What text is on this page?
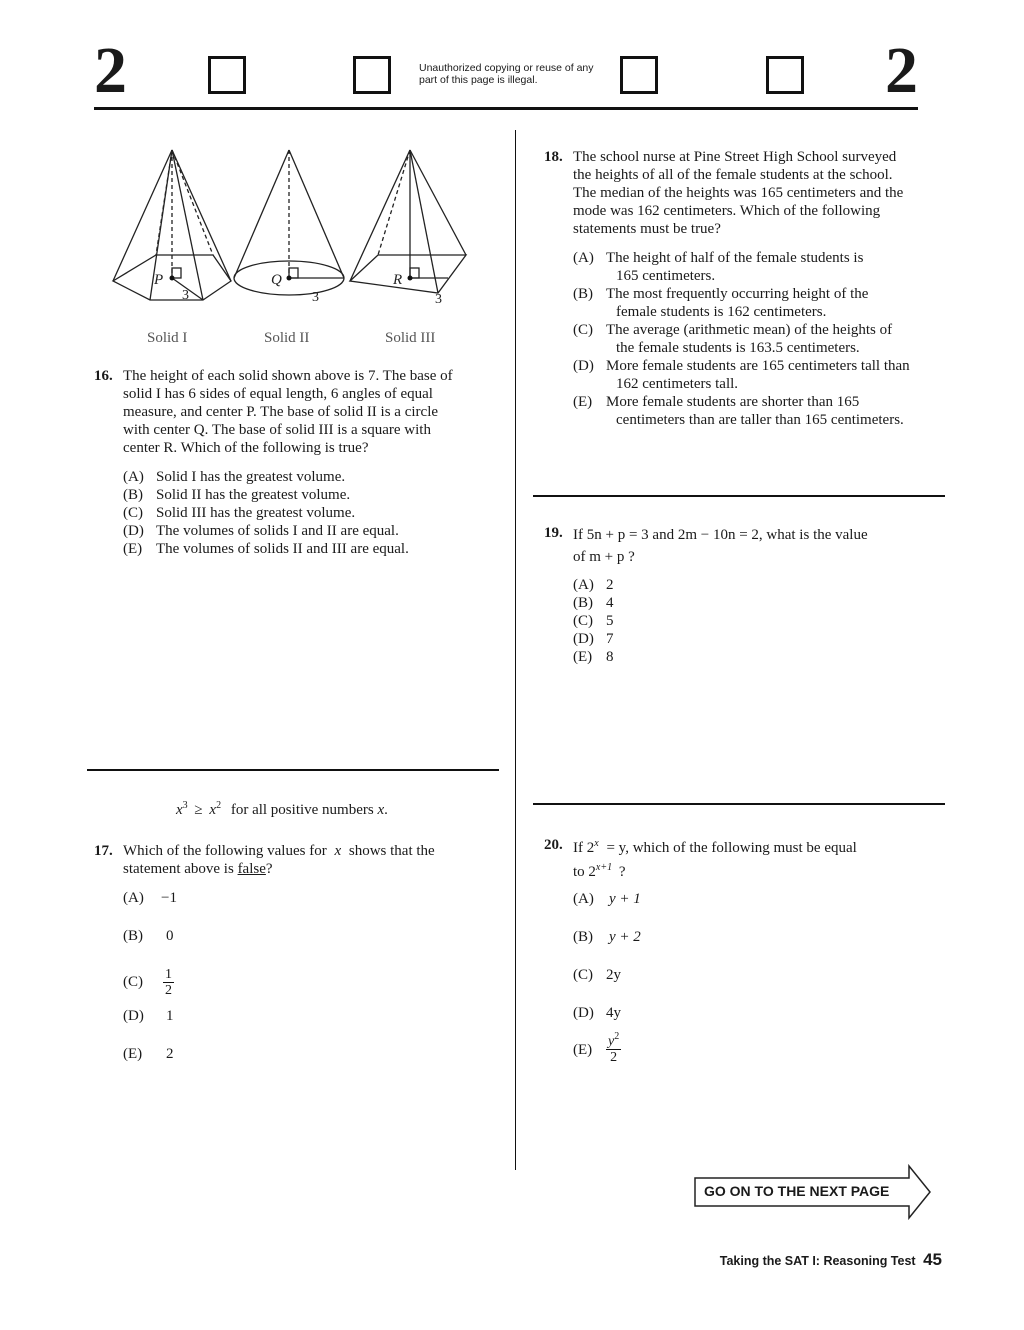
2	Unauthorized copying or reuse of any part of this page is illegal.	2
P	Q	R
3	3	3
Solid I	Solid II	Solid III
16. The height of each solid shown above is 7. The base of
solid I has 6 sides of equal length, 6 angles of equal
measure, and center P. The base of solid II is a circle
with center Q. The base of solid III is a square with
center R. Which of the following is true?
(A) Solid I has the greatest volume.
(B) Solid II has the greatest volume.
(C) Solid III has the greatest volume.
(D) The volumes of solids I and II are equal.
(E) The volumes of solids II and III are equal.
$x^3 \ge x^2$ for all positive numbers x.
17. Which of the following values for x shows that the
statement above is false?
(A)	−1
(B)	0
(C)	$\frac{1}{2}$
(D)	1
(E)	2
18. The school nurse at Pine Street High School surveyed
the heights of all of the female students at the school.
The median of the heights was 165 centimeters and the
mode was 162 centimeters. Which of the following
statements must be true?
(A) The height of half of the female students is
165 centimeters.
(B) The most frequently occurring height of the
female students is 162 centimeters.
(C) The average (arithmetic mean) of the heights of
the female students is 163.5 centimeters.
(D) More female students are 165 centimeters tall than
162 centimeters tall.
(E) More female students are shorter than 165
centimeters than are taller than 165 centimeters.
19. If 5n + p = 3 and 2m − 10n = 2, what is the value
of m + p ?
(A) 2
(B) 4
(C) 5
(D) 7
(E) 8
20. If $2^x = y$, which of the following must be equal
to $2^{x+1}$ ?
(A)	y + 1
(B)	y + 2
(C) 2y
(D) 4y
$(E) \frac{y^2}{2}$
GO ON TO THE NEXT PAGE
Taking the SAT I: Reasoning Test 45
